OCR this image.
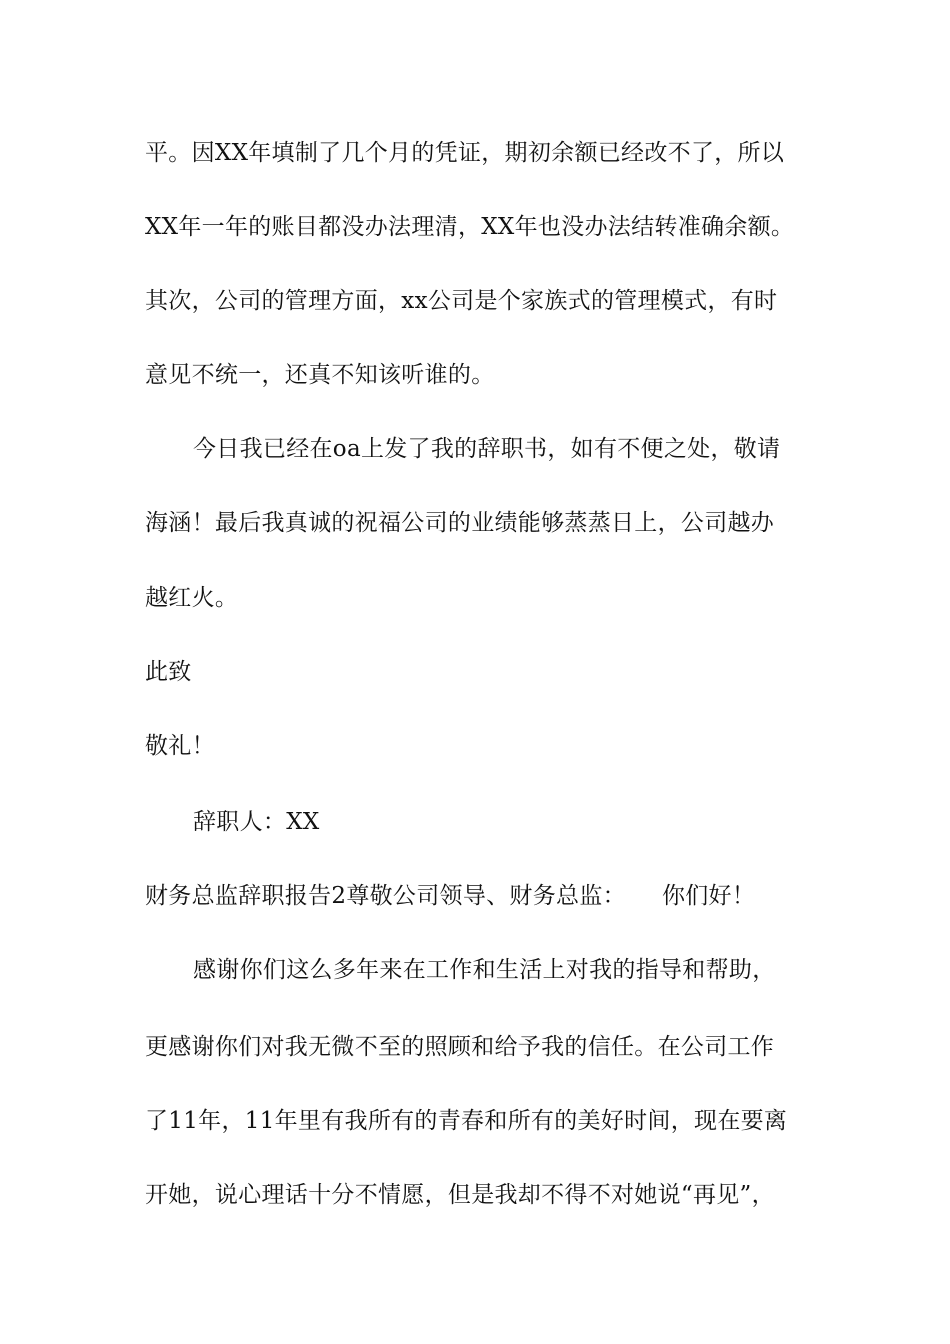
平。因XX年填制了几个月的凭证，期初余额已经改不了，所以
XX年一年的账目都没办法理清，XX年也没办法结转准确余额。
其次，公司的管理方面，xx公司是个家族式的管理模式，有时
意见不统一，还真不知该听谁的。
今日我已经在oa上发了我的辞职书，如有不便之处，敬请
海涵！最后我真诚的祝福公司的业绩能够蒸蒸日上，公司越办
越红火。
此致
敬礼！
辞职人：XX
财务总监辞职报告2尊敬公司领导、财务总监： 你们好！
感谢你们这么多年来在工作和生活上对我的指导和帮助，
更感谢你们对我无微不至的照顾和给予我的信任。在公司工作
了11年，11年里有我所有的青春和所有的美好时间，现在要离
开她，说心理话十分不情愿，但是我却不得不对她说“再见”，
